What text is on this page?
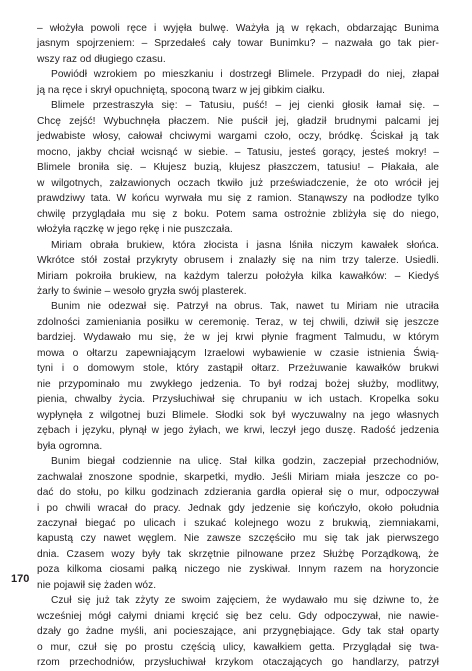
– włożyła powoli ręce i wyjęła bulwę. Ważyła ją w rękach, obdarzając Bunima
jasnym spojrzeniem: – Sprzedałeś cały towar Bunimku? – nazwała go tak pier-
wszy raz od długiego czasu.
Powiódł wzrokiem po mieszkaniu i dostrzegł Blimele. Przypadł do niej, złapał
ją na ręce i skrył opuchniętą, spoconą twarz w jej gibkim ciałku.
Blimele przestraszyła się: – Tatusiu, puść! – jej cienki głosik łamał się. –
Chcę zejść! Wybuchnęła płaczem. Nie puścił jej, gładził brudnymi palcami jej
jedwabiste włosy, całował chciwymi wargami czoło, oczy, bródkę. Ściskał ją tak
mocno, jakby chciał wcisnąć w siebie. – Tatusiu, jesteś gorący, jesteś mokry! –
Blimele broniła się. – Kłujesz buzią, kłujesz płaszczem, tatusiu! – Płakała, ale
w wilgotnych, załzawionych oczach tkwiło już przeświadczenie, że oto wrócił jej
prawdziwy tata. W końcu wyrwała mu się z ramion. Stanąwszy na podłodze tylko
chwilę przyglądała mu się z boku. Potem sama ostrożnie zbliżyła się do niego,
włożyła rączkę w jego rękę i nie puszczała.
Miriam obrała brukiew, która złocista i jasna lśniła niczym kawałek słońca.
Wkrótce stół został przykryty obrusem i znalazły się na nim trzy talerze. Usiedli.
Miriam pokroiła brukiew, na każdym talerzu położyła kilka kawałków: – Kiedyś
żarły to świnie – wesoło gryzła swój plasterek.
Bunim nie odezwał się. Patrzył na obrus. Tak, nawet tu Miriam nie utraciła
zdolności zamieniania posiłku w ceremonię. Teraz, w tej chwili, dziwił się jeszcze
bardziej. Wydawało mu się, że w jej krwi płynie fragment Talmudu, w którym
mowa o ołtarzu zapewniającym Izraelowi wybawienie w czasie istnienia Świą-
tyni i o domowym stole, który zastąpił ołtarz. Przeżuwanie kawałków brukwi
nie przypominało mu zwykłego jedzenia. To był rodzaj bożej służby, modlitwy,
pienia, chwalby życia. Przysłuchiwał się chrupaniu w ich ustach. Kropelka soku
wypłynęła z wilgotnej buzi Blimele. Słodki sok był wyczuwalny na jego własnych
zębach i języku, płynął w jego żyłach, we krwi, leczył jego duszę. Radość jedzenia
była ogromna.
Bunim biegał codziennie na ulicę. Stał kilka godzin, zaczepiał przechodniów,
zachwalał znoszone spodnie, skarpetki, mydło. Jeśli Miriam miała jeszcze co po-
dać do stołu, po kilku godzinach zdzierania gardła opierał się o mur, odpoczywał
i po chwili wracał do pracy. Jednak gdy jedzenie się kończyło, około południa
zaczynał biegać po ulicach i szukać kolejnego wozu z brukwią, ziemniakami,
kapustą czy nawet węglem. Nie zawsze szczęściło mu się tak jak pierwszego
dnia. Czasem wozy były tak skrzętnie pilnowane przez Służbę Porządkową, że
poza kilkoma ciosami pałką niczego nie zyskiwał. Innym razem na horyzoncie
nie pojawił się żaden wóz.
Czuł się już tak zżyty ze swoim zajęciem, że wydawało mu się dziwne to, że
wcześniej mógł całymi dniami kręcić się bez celu. Gdy odpoczywał, nie nawie-
dzały go żadne myśli, ani pocieszające, ani przygnębiające. Gdy tak stał oparty
o mur, czuł się po prostu częścią ulicy, kawałkiem getta. Przyglądał się twa-
rzom przechodniów, przysłuchiwał krzykom otaczających go handlarzy, patrzył
170
